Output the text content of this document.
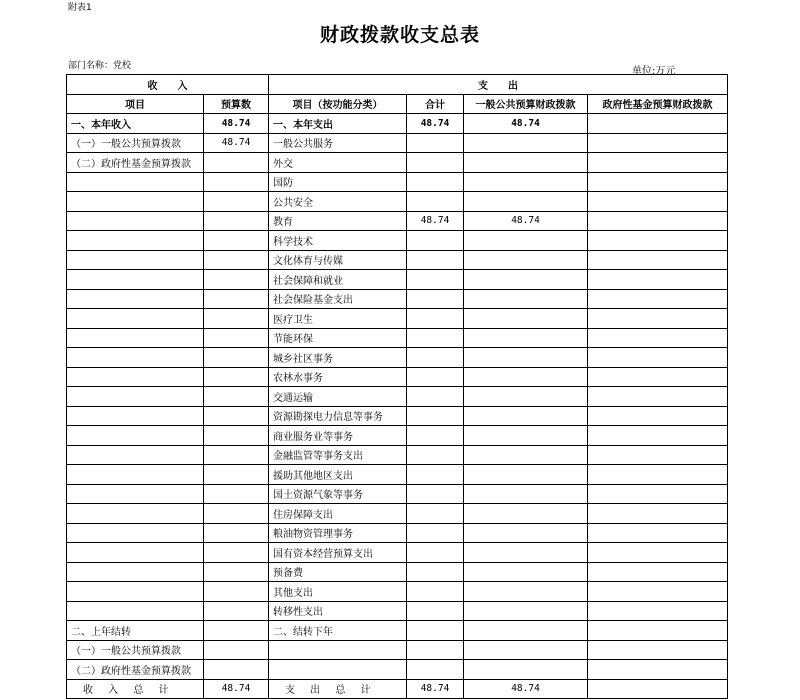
附表1
财政拨款收支总表
部门名称：党校	单位:万元
收　　入		支　　出			
项目	预算数	项目（按功能分类）	合计	一般公共预算财政拨款	政府性基金预算财政拨款
一、本年收入	48.74	一、本年支出	48.74	48.74	
（一）一般公共预算拨款	48.74	一般公共服务			
（二）政府性基金预算拨款		外交			
		国防			
		公共安全			
		教育	48.74	48.74	
		科学技术			
		文化体育与传媒			
		社会保障和就业			
		社会保险基金支出			
		医疗卫生			
		节能环保			
		城乡社区事务			
		农林水事务			
		交通运输			
		资源勘探电力信息等事务			
		商业服务业等事务			
		金融监管等事务支出			
		援助其他地区支出			
		国土资源气象等事务			
		住房保障支出			
		粮油物资管理事务			
		国有资本经营预算支出			
		预备费			
		其他支出			
		转移性支出			
二、上年结转		二、结转下年			
（一）一般公共预算拨款					
（二）政府性基金预算拨款					
收 入 总 计	48.74	支 出 总 计	48.74	48.74	
